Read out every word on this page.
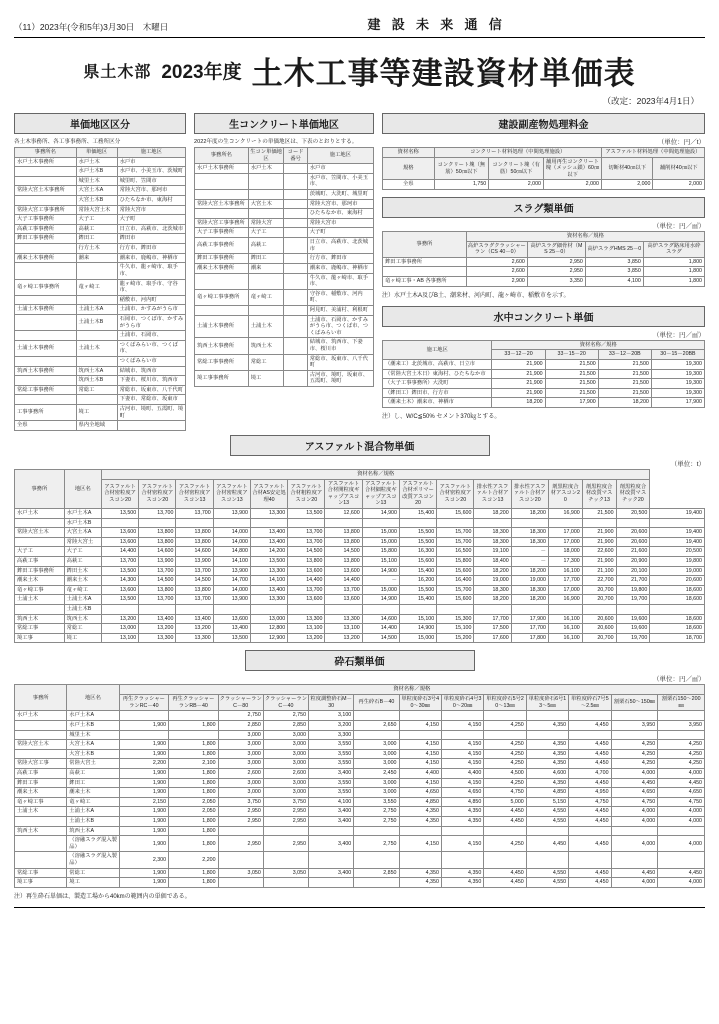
（11）2023年(令和5年)3月30日　木曜日	建 設 未 来 通 信
県土木部 2023年度 土木工事等建設資材単価表
（改定：2023年4月1日）
単価地区区分
各土木事務所、各工事事務所、工務所区分
事務所名	単価地区	施工地区
水戸土木事務所	水戸土木	水戸市
	水戸土木B	水戸市、小美玉市、茨城町
	城里土木	城里町、笠間市
常陸大宮土木事務所	大宮土木A	常陸大宮市、那珂市
	大宮土木B	ひたちなか市、東海村
常陸大宮工事事務所	常陸大宮土木	常陸大宮市
大子工事事務所	大子工	大子町
高萩工事事務所	高萩工	日立市、高萩市、北茨城市
鉾田工事事務所	鉾田工	鉾田市
	行方土木	行方市、鉾田市
潮来土木事務所	潮来	潮来市、鹿嶋市、神栖市
		牛久市、龍ヶ崎市、取手市、
竜ヶ崎工事事務所	竜ヶ崎工	龍ヶ崎市、取手市、守谷市、
		稲敷市、河内町
土浦土木事務所	土浦土木A	土浦市、かすみがうら市
	土浦土木B	石岡市、つくば市、かすみがうら市
		土浦市、石岡市、
土浦土木事務所	土浦土木	つくばみらい市、つくば市、
		つくばみらい市
筑西土木事務所	筑西土木A	結城市、筑西市
	筑西土木B	下妻市、桜川市、筑西市
常総工事事務所	常総工	常総市、坂東市、八千代町
		下妻市、常総市、坂東市
工事事務所	境工	古河市、境町、五霞町、境町
全県	県内全地域	
生コンクリート単価地区
2022年度の生コンクリートの単価地区は、下表のとおりとする。
事務所名	生コン単価地区	コード番号	施工地区
水戸土木事務所	水戸土木		水戸市
			水戸市、笠間市、小美玉市、
			茨城町、大洗町、城里町
常陸大宮土木事務所	大宮土木		常陸大宮市、那珂市
			ひたちなか市、東海村
常陸大宮工事事務所	常陸大宮		常陸大宮市
大子工事事務所	大子工		大子町
高萩工事事務所	高萩工		日立市、高萩市、北茨城市
鉾田工事事務所	鉾田工		行方市、鉾田市
潮来土木事務所	潮来		潮来市、鹿嶋市、神栖市
			牛久市、龍ヶ崎市、取手市、
竜ヶ崎工事事務所	竜ヶ崎工		守谷市、稲敷市、河内町、
			阿見町、美浦村、利根町
土浦土木事務所	土浦土木		土浦市、石岡市、かすみがうら市、つくば市、つくばみらい市
筑西土木事務所	筑西土木		結城市、筑西市、下妻市、桜川市
常総工事事務所	常総工		常総市、坂東市、八千代町
境工事事務所	境工		古河市、境町、坂東市、五霞町、境町
建設副産物処理料金
（単位：円／t）
資材名称	コンクリート材料処理（中間処理施設）			アスファルト材料処理（中間処理施設）	
規格	コンクリート塊（無筋）50㎝以下	コンクリート塊（有筋）50㎝以下	舗用再生コンクリート塊（メッシュ鎖）60㎝以下	切断材40㎝以下	舗削材40㎝以下
全県	1,750	2,000	2,000	2,000	2,000
スラグ類単価
（単位：円／㎥）
事務所	資材名称／規格			
	高炉スラグクラッシャーラン（CS 40－0）	高炉スラグ細骨材（MS 25－0）	高炉スラグHMS 25－0	高炉スラグ路床用水砕スラグ
鉾田工事事務所	2,600	2,950	3,850	1,800
	2,600	2,950	3,850	1,800
竜ヶ崎工事・AB 各事務所	2,900	3,350	4,100	1,800
注）水戸土木A及びB土、潮来材、河内町、龍ヶ崎市、稲敷市を示す。
水中コンクリート単価
（単位：円／㎥）
施工地区	資材名称／規格			
	33－12－20	33－15－20	33－12－20B	30－15－20BB
（潮来工）北茨城市、高萩市、日立市	21,900	21,500	21,500	19,300
（常陸大宮土木日）東海村、ひたちなか市	21,900	21,500	21,500	19,300
（大子工事事務所）大洗町	21,900	21,500	21,500	19,300
（鉾田工）鉾田市、行方市	21,900	21,500	21,500	19,300
（潮来土木）潮来市、神栖市	18,200	17,900	18,200	17,900
注）し、W/C≦50% セメント370㎏とする。
アスファルト混合物単価
（単位：t）
事務所	地区名	資材名称／規格															
		アスファルト合材密粒度アスコン20	アスファルト合材密粒度アスコン20	アスファルト合材密粒度アスコン13	アスファルト合材密粒度アスコン13	アスファルト合材AS安定処理40	アスファルト合材粗粒度アスコン20	アスファルト合材開粒度ギャップアスコン13	アスファルト合材細粒度ギャップアスコン13	アスファルト合材ポリマー改質アスコン20	アスファルト合材密粒度アスコン20	排水性アスファルト合材アスコン13	排水性アスファルト合材アスコン20	剤黒粒度合材アスコン20	剤黒粒度合材改質マスチック13	剤黒粒度合材改質マスチック20	
水戸土木	水戸土木A	13,500	13,700	13,700	13,900	13,300	13,500	12,600	14,900	15,400	15,600	18,200	18,200	16,900	21,500	20,500	19,400
	水戸土木B																
常陸大宮土木	大宮土木A	13,600	13,800	13,800	14,000	13,400	13,700	13,800	15,000	15,500	15,700	18,300	18,300	17,000	21,900	20,600	19,400
	常陸大宮土	13,600	13,800	13,800	14,000	13,400	13,700	13,800	15,000	15,500	15,700	18,300	18,300	17,000	21,900	20,600	19,400
大子工	大子工	14,400	14,600	14,600	14,800	14,200	14,500	14,500	15,800	16,300	16,500	19,100	－	18,000	22,600	21,600	20,500
高萩工事	高萩工	13,700	13,900	13,900	14,100	13,500	13,800	13,800	15,100	15,600	15,800	18,400	－	17,300	21,900	20,900	19,800
鉾田工事事務所	鉾田土木	13,500	13,700	13,700	13,900	13,300	13,600	13,600	14,900	15,400	15,600	18,200	18,200	16,100	21,100	20,100	19,000
潮来土木	潮来土木	14,300	14,500	14,500	14,700	14,100	14,400	14,400	－	16,200	16,400	19,000	19,000	17,700	22,700	21,700	20,600
竜ヶ崎工事	竜ヶ崎工	13,600	13,800	13,800	14,000	13,400	13,700	13,700	15,000	15,500	15,700	18,300	18,300	17,000	20,700	19,800	18,600
土浦土木	土浦土木A	13,500	13,700	13,700	13,900	13,300	13,600	13,600	14,900	15,400	15,600	18,200	18,200	16,900	20,700	19,700	18,600
	土浦土木B																
筑西土木	筑西土木	13,200	13,400	13,400	13,600	13,000	13,300	13,300	14,600	15,100	15,300	17,700	17,900	16,100	20,600	19,600	18,600
常総工事	常総工	13,000	13,200	13,200	13,400	12,800	13,100	13,100	14,400	14,900	15,100	17,500	17,700	16,100	20,600	19,600	18,600
境工事	境工	13,100	13,300	13,300	13,500	12,900	13,200	13,200	14,500	15,000	15,200	17,600	17,800	16,100	20,700	19,700	18,700
砕石類単価
（単位：円／㎥）
事務所	地区名	資材名称／規格												
		再生クラッシャーランRC－40	再生クラッシャーランRB－40	クラッシャーランC－80	クラッシャーランC－40	粒度調整砕石M－30	再生砕石B－40	単粒度砕石3号40～30㎜	単粒度砕石4号30～20㎜	単粒度砕石5号20～13㎜	単粒度砕石6号13～5㎜	単粒度砕石7号5～2.5㎜	割栗石50～150㎜	割栗石150～200㎜
水戸土木	水戸土木A			2,750	2,750	3,100								
	水戸土木B	1,900	1,800	2,850	2,850	3,200	2,650	4,150	4,150	4,250	4,350	4,450	3,950	3,950
	城里土木			3,000	3,000	3,300								
常陸大宮土木	大宮土木A	1,900	1,800	3,000	3,000	3,550	3,000	4,150	4,150	4,250	4,350	4,450	4,250	4,250
	大宮土木B	1,900	1,800	3,000	3,000	3,550	3,000	4,150	4,150	4,250	4,350	4,450	4,250	4,250
常陸大宮工事	常陸大宮土	2,200	2,100	3,000	3,000	3,550	3,000	4,150	4,150	4,250	4,350	4,450	4,250	4,250
高萩工事	高萩工	1,900	1,800	2,600	2,600	3,400	2,450	4,400	4,400	4,500	4,600	4,700	4,000	4,000
鉾田工事	鉾田工	1,900	1,800	3,000	3,000	3,550	3,000	4,150	4,150	4,250	4,350	4,450	4,450	4,450
潮来土木	潮来土木	1,900	1,800	3,000	3,000	3,550	3,000	4,650	4,650	4,750	4,850	4,950	4,650	4,650
竜ヶ崎工事	竜ヶ崎工	2,150	2,050	3,750	3,750	4,100	3,550	4,850	4,850	5,000	5,150	4,750	4,750	4,750
土浦土木	土浦土木A	1,900	2,050	2,950	2,950	3,400	2,750	4,350	4,350	4,450	4,550	4,450	4,000	4,000
	土浦土木B	1,900	1,800	2,950	2,950	3,400	2,750	4,350	4,350	4,450	4,550	4,450	4,000	4,000
筑西土木	筑西土木A	1,900	1,800											
	（溶融スラグ混入製品）	1,900	1,800	2,950	2,950	3,400	2,750	4,150	4,150	4,250	4,450	4,450	4,000	4,000
	（溶融スラグ混入製品）	2,300	2,200											
常総工事	常総工	1,900	1,800	3,050	3,050	3,400	2,850	4,350	4,350	4,450	4,550	4,450	4,450	4,450
境工事	境工	1,900	1,800					4,350	4,350	4,450	4,550	4,450	4,000	4,000
注）再生砕石単価は、製造工場から40kmの範囲内の単価である。
